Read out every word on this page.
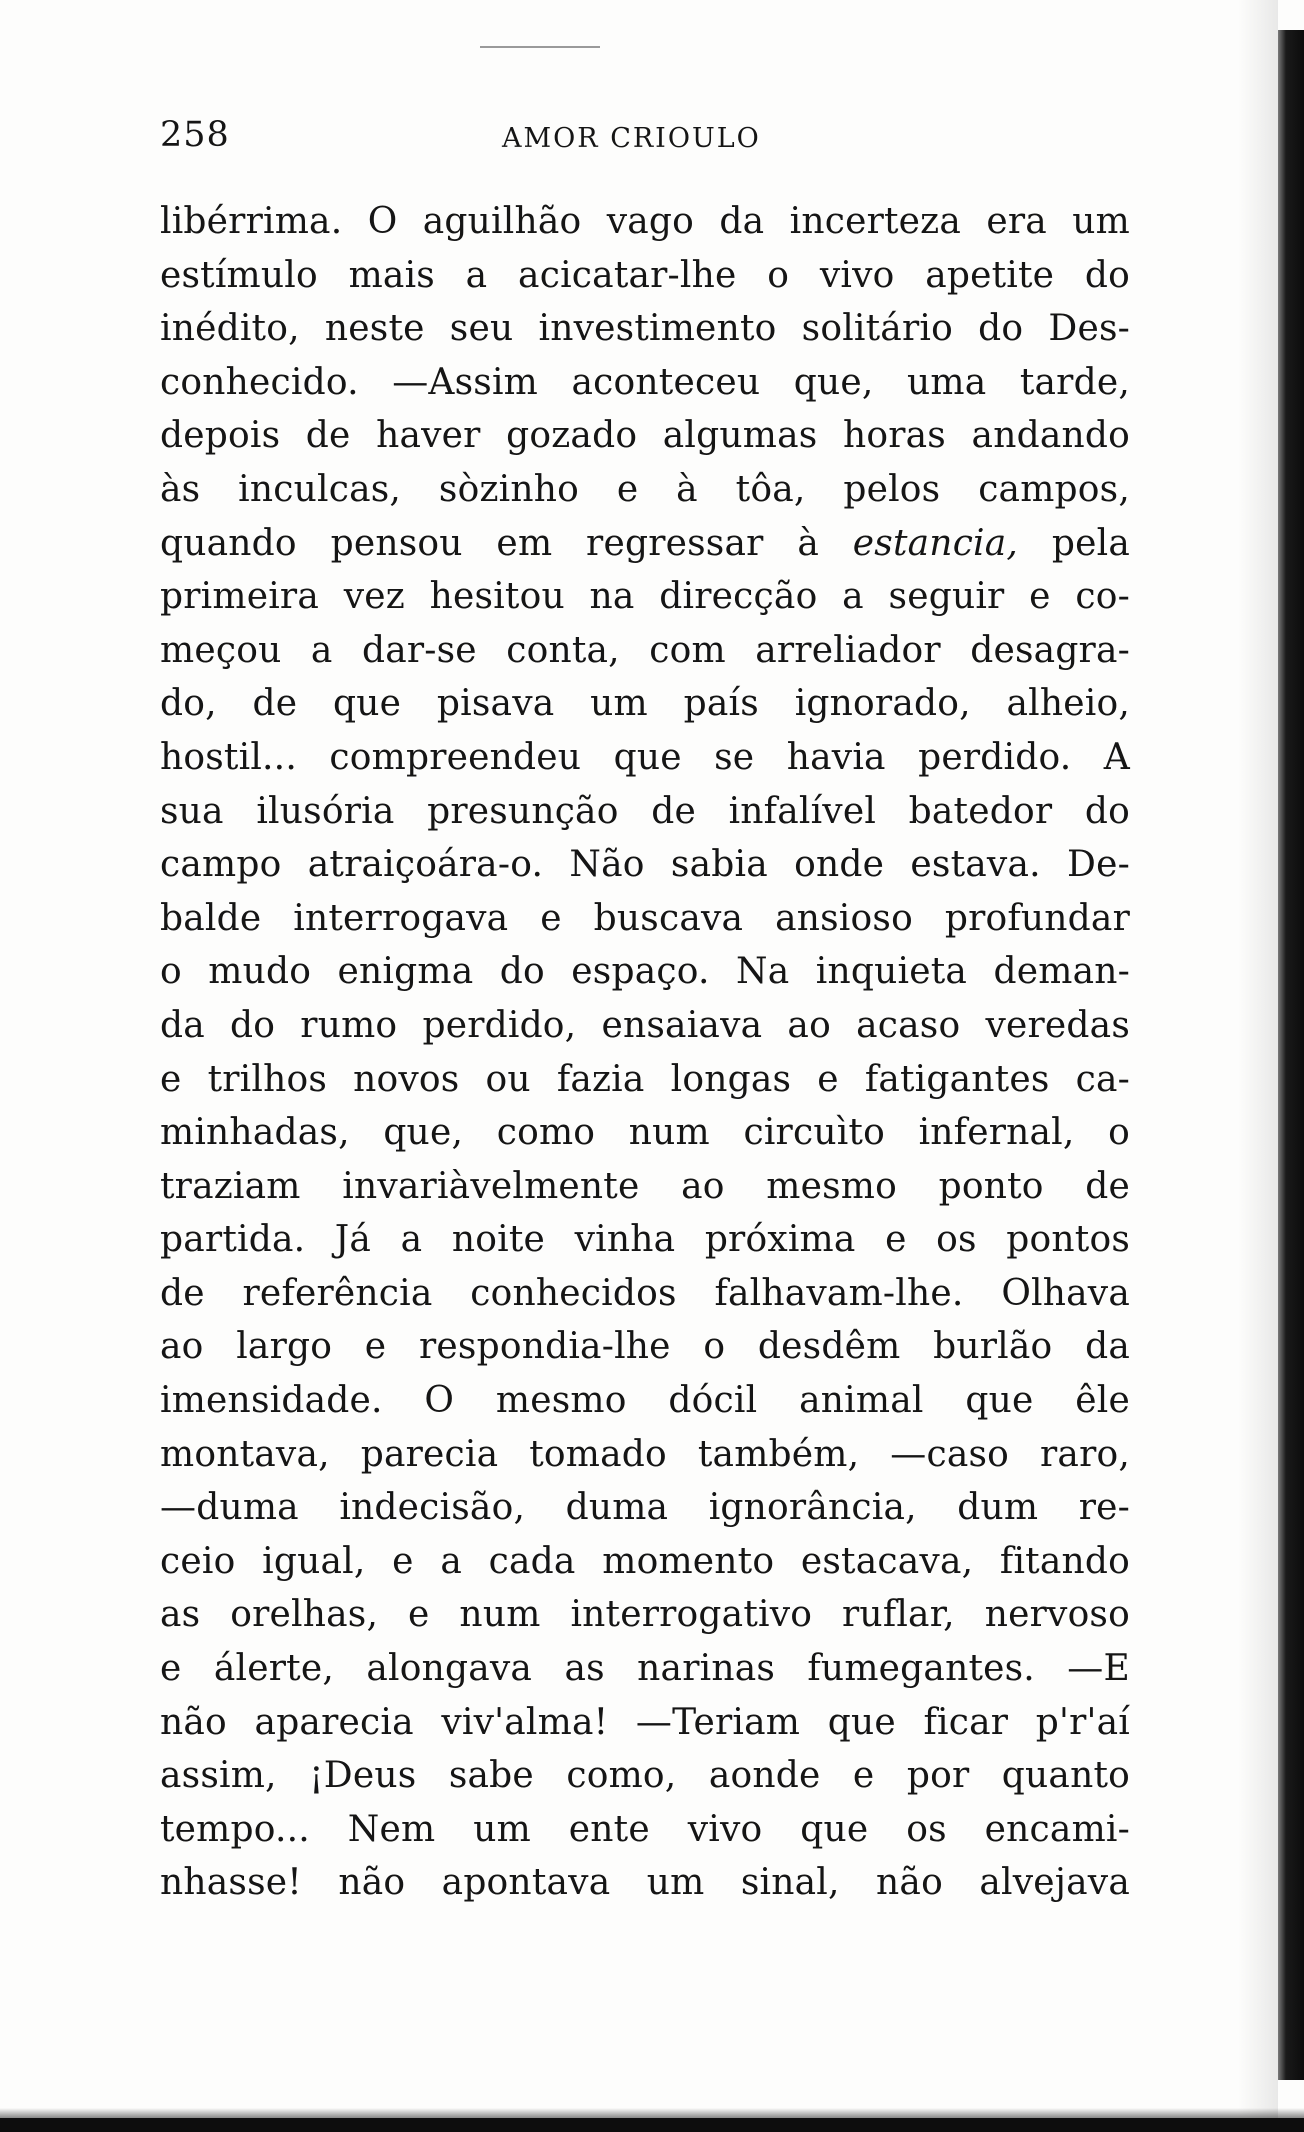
258	AMOR CRIOULO
libérrima. O aguilhão vago da incerteza era um
estímulo mais a acicatar-lhe o vivo apetite do
inédito, neste seu investimento solitário do Des-
conhecido. —Assim aconteceu que, uma tarde,
depois de haver gozado algumas horas andando
às inculcas, sòzinho e à tôa, pelos campos,
quando pensou em regressar à estancia, pela
primeira vez hesitou na direcção a seguir e co-
meçou a dar-se conta, com arreliador desagra-
do, de que pisava um país ignorado, alheio,
hostil... compreendeu que se havia perdido. A
sua ilusória presunção de infalível batedor do
campo atraiçoára-o. Não sabia onde estava. De-
balde interrogava e buscava ansioso profundar
o mudo enigma do espaço. Na inquieta deman-
da do rumo perdido, ensaiava ao acaso veredas
e trilhos novos ou fazia longas e fatigantes ca-
minhadas, que, como num circuìto infernal, o
traziam invariàvelmente ao mesmo ponto de
partida. Já a noite vinha próxima e os pontos
de referência conhecidos falhavam-lhe. Olhava
ao largo e respondia-lhe o desdêm burlão da
imensidade. O mesmo dócil animal que êle
montava, parecia tomado também, —caso raro,
—duma indecisão, duma ignorância, dum re-
ceio igual, e a cada momento estacava, fitando
as orelhas, e num interrogativo ruflar, nervoso
e álerte, alongava as narinas fumegantes. —E
não aparecia viv'alma! —Teriam que ficar p'r'aí
assim, ¡Deus sabe como, aonde e por quanto
tempo... Nem um ente vivo que os encami-
nhasse! não apontava um sinal, não alvejava
